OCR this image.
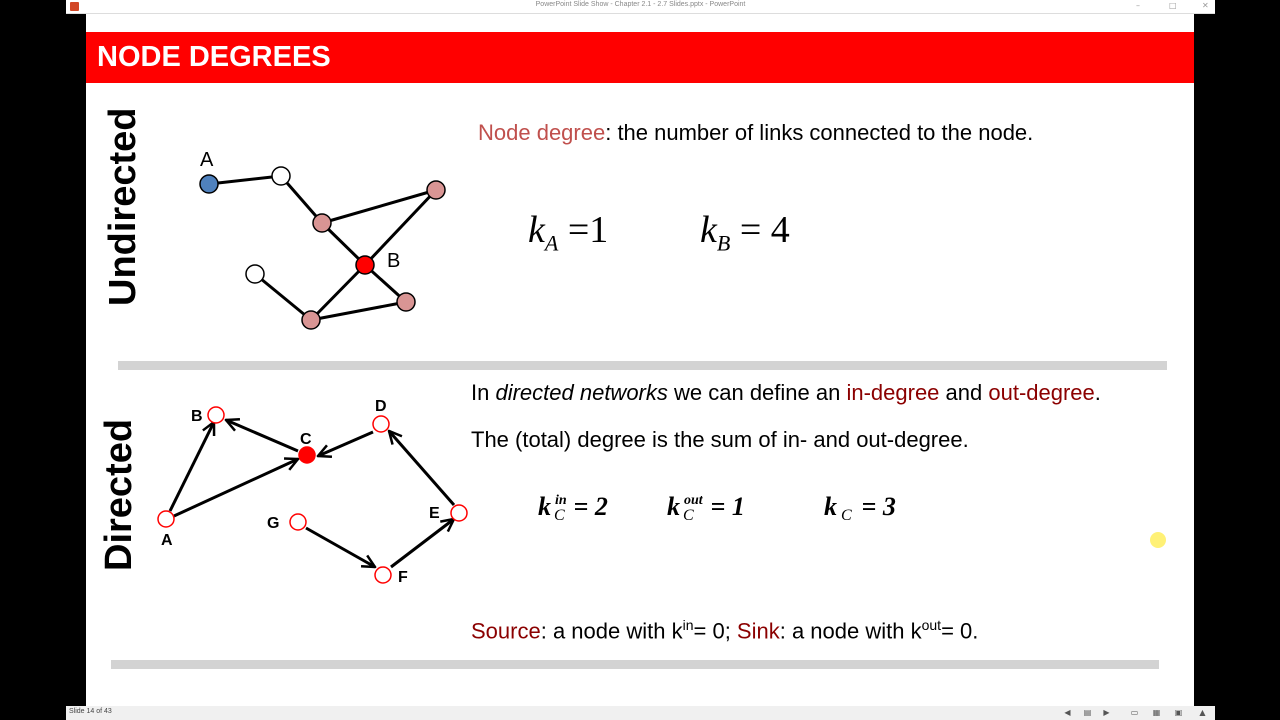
PowerPoint Slide Show - Chapter 2.1 - 2.7 Slides.pptx - PowerPoint	–	□	✕
NODE DEGREES
Undirected	A
B
Node degree: the number of links connected to the node.
$k_A =1$ $k_B = 4$
Directed A
B
C
D
E
F
G
In directed networks we can define an in-degree and out-degree.
The (total) degree is the sum of in- and out-degree.
k in
C = 2 k out
C = 1	k C = 3
Source: a node with $k^{in}= 0$; Sink: a node with $k^{out}= 0$.
Slide 14 of 43	◀ ▤ ▶	▭ ▦ ▣ ▲
